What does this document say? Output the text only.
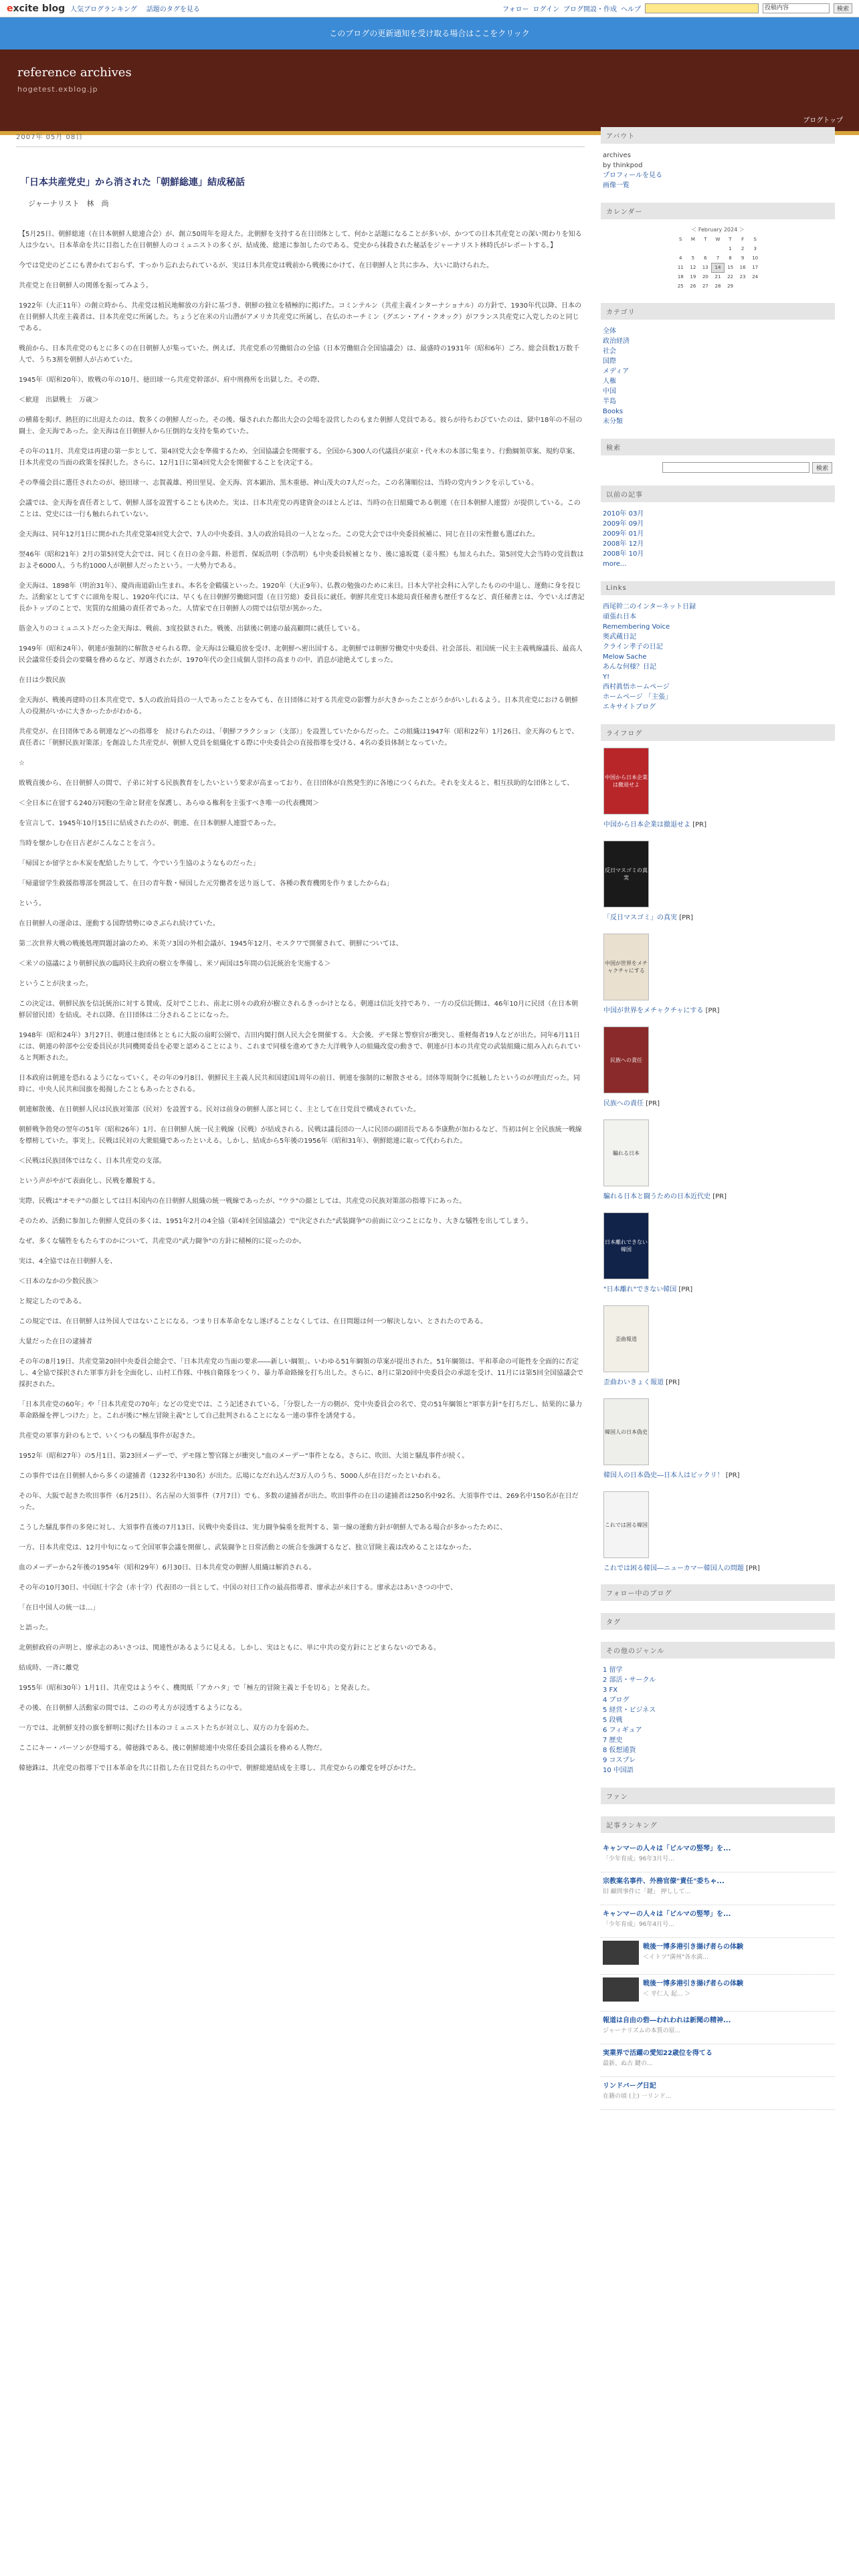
excite blog 人気ブログランキング 話題のタグを見る	フォロー ログイン ブログ開設・作成 ヘルプ	投稿内容	検索
このブログの更新通知を受け取る場合はここをクリック
reference archives
hogetest.exblog.jp
ブログトップ
2007年 05月 08日
「日本共産党史」から消された「朝鮮総連」結成秘話
ジャーナリスト　林　尚

【5月25日、朝鮮総連（在日本朝鮮人総連合会）が、創立50周年を迎えた。北朝鮮を支持する在日団体として、何かと話題になることが多いが、かつての日本共産党との深い関わりを知る人は少ない。日本革命を共に目指した在日朝鮮人のコミュニストの多くが、結成後、総連に参加したのである。党史から抹殺された秘話をジャーナリスト林時氏がレポートする。】

今では党史のどこにも書かれておらず、すっかり忘れ去られているが、実は日本共産党は戦前から戦後にかけて、在日朝鮮人と共に歩み、大いに助けられた。

共産党と在日朝鮮人の関係を振ってみよう。

1922年（大正11年）の創立時から、共産党は植民地解放の方針に基づき、朝鮮の独立を積極的に掲げた。コミンテルン（共産主義インターナショナル）の方針で、1930年代以降、日本の在日朝鮮人共産主義者は、日本共産党に所属した。ちょうど在米の片山潜がアメリカ共産党に所属し、在仏のホーチミン（グエン・アイ・クオック）がフランス共産党に入党したのと同じである。

戦前から、日本共産党のもとに多くの在日朝鮮人が集っていた。例えば、共産党系の労働組合の全協（日本労働組合全国協議会）は、最盛時の1931年（昭和6年）ごろ、総会員数1万数千人で、うち3割を朝鮮人が占めていた。

1945年（昭和20年）、敗戦の年の10月、徳田球一ら共産党幹部が、府中刑務所を出獄した。その際、

＜歓迎　出獄戦士　万歳＞

の横幕を掲げ、熱狂的に出迎えたのは、数多くの朝鮮人だった。その後、爆されれた都出大会の会場を設営したのもまた朝鮮人党員である。彼らが待ちわびていたのは、獄中18年の不屈の闘士、金天海であった。金天海は在日朝鮮人から圧倒的な支持を集めていた。

その年の11月、共産党は再建の第一歩として、第4回党大会を準備するため、全国協議会を開催する。全国から300人の代議員が東京・代々木の本部に集まり、行動綱領草案、規約草案、日本共産党の当面の政策を採択した。さらに、12月1日に第4回党大会を開催することを決定する。

その準備会員に選任されたのが、徳田球一、志賀義雄、袴田里見、金天海、宮本顕治、黒木重徳、神山茂夫の7人だった。この名簿順位は、当時の党内ランクを示している。

会議では、金天海を責任者として、朝鮮人部を設置することも決めた。実は、日本共産党の再建資金のほとんどは、当時の在日組織である朝連（在日本朝鮮人連盟）が提供している。このことは、党史には一行も触れられていない。

金天海は、同年12月1日に開かれた共産党第4回党大会で、7人の中央委員、3人の政治局員の一人となった。この党大会では中央委員候補に、同じ在日の宋性徹も選ばれた。

翌46年（昭和21年）2月の第5回党大会では、同じく在日の金斗鎔、朴恩哲、保坂浩明（李浩明）も中央委員候補となり、後に遠坂寛（姜斗熙）も加えられた。第5回党大会当時の党員数はおよそ6000人、うち約1000人が朝鮮人だったという。一大勢力である。

金天海は、1898年（明治31年）、慶尚南道蔚山生まれ。本名を金鶴儀といった。1920年（大正9年）、仏教の勉強のために来日。日本大学社会科に入学したものの中退し、運動に身を投じた。活動家としてすぐに頭角を現し、1920年代には、早くも在日朝鮮労働総同盟（在日労総）委員長に就任。朝鮮共産党日本総局責任秘書も歴任するなど、責任秘書とは、今でいえば書記長かトップのことで、実質的な組織の責任者であった。人情家で在日朝鮮人の間では信望が篤かった。

筋金入りのコミュニストだった金天海は、戦前、3度投獄された。戦後、出獄後に朝連の最高顧問に就任している。

1949年（昭和24年）、朝連が強制的に解散させられる際、金天海は公職追放を受け、北朝鮮へ密出国する。北朝鮮では朝鮮労働党中央委員、社会部長、祖国統一民主主義戦線議長、最高人民会議常任委員会の要職を務めるなど、厚遇されたが、1970年代の金日成個人崇拝の高まりの中、消息が途絶えてしまった。

在日は少数民族

金天海が、戦後再建時の日本共産党で、5人の政治局員の一人であったことをみても、在日団体に対する共産党の影響力が大きかったことがうかがいしれるよう。日本共産党における朝鮮人の役割がいかに大きかったかがわかる。

共産党が、在日団体である朝連などへの指導を　続けられたのは、「朝鮮フラクション（支部）」を設置していたからだった。この組織は1947年（昭和22年）1月26日、金天海のもとで、責任者に「朝鮮民族対策部」を創設した共産党が、朝鮮人党員を組織化する際に中央委員会の直接指導を受ける、4名の委員体制となっていた。

☆

敗戦直後から、在日朝鮮人の間で、子弟に対する民族教育をしたいという要求が高まっており、在日団体が自然発生的に各地につくられた。それを支えると、相互扶助的な団体として、

＜全日本に在留する240万同胞の生命と財産を保護し、あらゆる権利を主張すべき唯一の代表機関＞

を宣言して、1945年10月15日に結成されたのが、朝連、在日本朝鮮人連盟であった。

当時を懐かしむ在日古老がこんなことを言う。

「帰国とか留学とか木炭を配給したりして、今でいう生協のようなものだった」

「帰還留学生救援指導部を開設して、在日の青年数・帰国した元労働者を送り返して、各種の教育機関を作りましたからね」

という。

在日朝鮮人の運命は、運動する国際情勢にゆさぶられ続けていた。

第二次世界大戦の戦後処理問題討論のため、米英ソ3国の外相会議が、1945年12月、モスクワで開催されて、朝鮮については、

＜米ソの協議により朝鮮民族の臨時民主政府の樹立を準備し、米ソ両国は5年間の信託統治を実施する＞

ということが決まった。

この決定は、朝鮮民族を信託統治に対する賛成、反対でこじれ、南北に別々の政府が樹立されるきっかけとなる。朝連は信託支持であり、一方の反信託側は、46年10月に民団（在日本朝鮮居留民団）を結成。それ以降、在日団体は二分されることになった。

1948年（昭和24年）3月27日、朝連は他団体とともに大阪の扇町公園で、吉田内閣打倒人民大会を開催する。大会後、デモ隊と警察官が衝突し、重軽傷者19人などが出た。同年6月11日には、朝連の幹部や公安委員民が共同機関委員を必要と認めることにより、これまで同様を進めてきた大洋戦争人の組織改変の動きで、朝連が日本の共産党の武装組織に組み入れられていると判断された。

日本政府は朝連を恐れるようになっていく。その年の9月8日、朝鮮民主主義人民共和国建国1周年の前日、朝連を強制的に解散させる。団体等規制令に抵触したというのが理由だった。同時に、中央人民共和国旗を掲揚したこともあったとされる。

朝連解散後、在日朝鮮人民は民族対策部（民対）を設置する。民対は前身の朝鮮人部と同じく、主として在日党員で構成されていた。

朝鮮戦争勃発の翌年の51年（昭和26年）1月、在日朝鮮人統一民主戦線（民戦）が結成される。民戦は議長団の一人に民団の副団長である李康勲が加わるなど、当初は何と全民族統一戦線を標榜していた。事実上、民戦は民対の大衆組織であったといえる。しかし、結成から5年後の1956年（昭和31年）、朝鮮総連に取って代わられた。

＜民戦は民族団体ではなく、日本共産党の支部。

という声がやがて表面化し、民戦を離脱する。

実際、民戦は"オモテ"の顔としては日本国内の在日朝鮮人組織の統一戦線であったが、"ウラ"の顔としては、共産党の民族対策部の指導下にあった。

そのため、活動に参加した朝鮮人党員の多くは、1951年2月の4全協（第4回全国協議会）で"決定された"武装闘争"の前面に立つことになり、大きな犠牲を出してしまう。

なぜ、多くな犠牲をもたらすのかについて、共産党の"武力闘争"の方針に積極的に従ったのか。

実は、4全協では在日朝鮮人を、

＜日本のなかの少数民族＞

と規定したのである。

この規定では、在日朝鮮人は外国人ではないことになる。つまり日本革命をなし遂げることなくしては、在日問題は何一つ解決しない、とされたのである。

大量だった在日の逮捕者

その年の8月19日、共産党第20回中央委員会総会で、「日本共産党の当面の要求――新しい綱領」、いわゆる51年綱領の草案が提出された。51年綱領は、平和革命の可能性を全面的に否定し、4全協で採択された軍事方針を全面化し、山村工作隊、中核自衛隊をつくり、暴力革命路線を打ち出した。さらに、8月に第20回中央委員会の承認を受け、11月には第5回全国協議会で採択された。

「日本共産党の60年」や「日本共産党の70年」などの党史では、こう記述されている。「分裂した一方の側が、党中央委員会の名で、党の51年綱領と"軍事方針"を打ちだし、結果的に暴力革命路線を押しつけた」と。これが後に"極左冒険主義"として自己批判されることになる一連の事件を誘発する。

共産党の軍事方針のもとで、いくつもの騒乱事件が起きた。

1952年（昭和27年）の5月1日、第23回メーデーで、デモ隊と警官隊とが衝突し"血のメーデー"事件となる。さらに、吹田、大須と騒乱事件が続く。

この事件では在日朝鮮人から多くの逮捕者（1232名中130名）が出た。広場になだれ込んだ3万人のうち、5000人が在日だったといわれる。

その年、大阪で起きた吹田事件（6月25日）、名古屋の大須事件（7月7日）でも、多数の逮捕者が出た。吹田事件の在日の逮捕者は250名中92名、大須事件では、269名中150名が在日だった。

こうした騒乱事件の多発に対し、大須事件直後の7月13日、民戦中央委員は、実力闘争偏重を批判する、第一線の運動方針が朝鮮人である場合が多かったために、

一方、日本共産党は、12月中旬になって全国軍事会議を開催し、武装闘争と日常活動との統合を強調するなど、独立冒険主義は改めることはなかった。

血のメーデーから2年後の1954年（昭和29年）6月30日、日本共産党の朝鮮人組織は解消される。

その年の10月30日、中国紅十字会（赤十字）代表団の一員として、中国の対日工作の最高指導者、廖承志が来日する。廖承志はあいさつの中で、

「在日中国人の統一は…」

と語った。

北朝鮮政府の声明と、廖承志のあいさつは、関連性があるように見える。しかし、実はともに、単に中共の変方針にとどまらないのである。

結成時、一斉に離党

1955年（昭和30年）1月1日、共産党はようやく、機関紙「アカハタ」で「極左的冒険主義と手を切る」と発表した。

その後、在日朝鮮人活動家の間では、このの考え方が浸透するようになる。

一方では、北朝鮮支持の旗を鮮明に掲げた日本のコミュニストたちが対立し、双方の力を弱めた。

ここにキー・パーソンが登場する。韓徳銖である。後に朝鮮総連中央常任委員会議長を務める人物だ。

韓徳銖は、共産党の指導下で日本革命を共に目指した在日党員たちの中で、朝鮮総連結成を主導し、共産党からの離党を呼びかけた。

アバウト
archives
by thinkpod
プロフィールを見る
画像一覧
カレンダー
＜ February 2024 ＞
S	M	T	W	T	F	S
				1	2	3
4	5	6	7	8	9	10
11	12	13	14	15	16	17
18	19	20	21	22	23	24
25	26	27	28	29		
カテゴリ
全体
政治経済
社会
国際
メディア
人権
中国
半島
Books
未分類
検索
検索
以前の記事
2010年 03月
2009年 09月
2009年 01月
2008年 12月
2008年 10月
more...
Links
西尾幹二のインターネット日録
頑張れ日本
Remembering Voice
奥武蔵日記
クライン孝子の日記
Melow Sache
あんな何様？日記
Y!
西村眞悟ホームページ
ホームページ 「主張」
エキサイトブログ
ライフログ
中国から日本企業は撤退せよ
中国から日本企業は撤退せよ [PR]
反日マスゴミの真実
「反日マスゴミ」の真実 [PR]
中国が世界をメチャクチャにする
中国が世界をメチャクチャにする [PR]
民族への責任
民族への責任 [PR]
騙れる日本
騙れる日本と闘うための日本近代史 [PR]
日本離れできない韓国
"日本離れ"できない韓国 [PR]
歪曲報道
歪曲わいきょく報道 [PR]
韓国人の日本偽史
韓国人の日本偽史―日本人はビックリ！ [PR]
これでは困る韓国
これでは困る韓国―ニューカマー韓国人の問題 [PR]
フォロー中のブログ
タグ
その他のジャンル
1 留学
2 部活・サークル
3 FX
4 ブログ
5 経営・ビジネス
5 段戦
6 フィギュア
7 歴史
8 仮想通貨
9 コスプレ
10 中国語
ファン
記事ランキング
キャンマーの人々は「ビルマの竪琴」を...
「少年育成」96年3月号...
宗教案名事件、外務官僚"責任"委ちゃ...
旧 顧問事件に「鍵」 押しして...
キャンマーの人々は「ビルマの竪琴」を...
「少年育成」96年4月号...
戦後一博多港引き揚げ者らの体験
＜イトツ"満州"各水満...
戦後一博多港引き揚げ者らの体験
＜ 平仁人 起... ＞
報道は自由の砦―われわれは新聞の精神...
ジャーナリズムの本質の原...
実業界で活躍の愛知22歳位を得てる
最新、ぬ古 鍵の...
リンドバーグ日記
在籍の頃 (上) 一リンド...
